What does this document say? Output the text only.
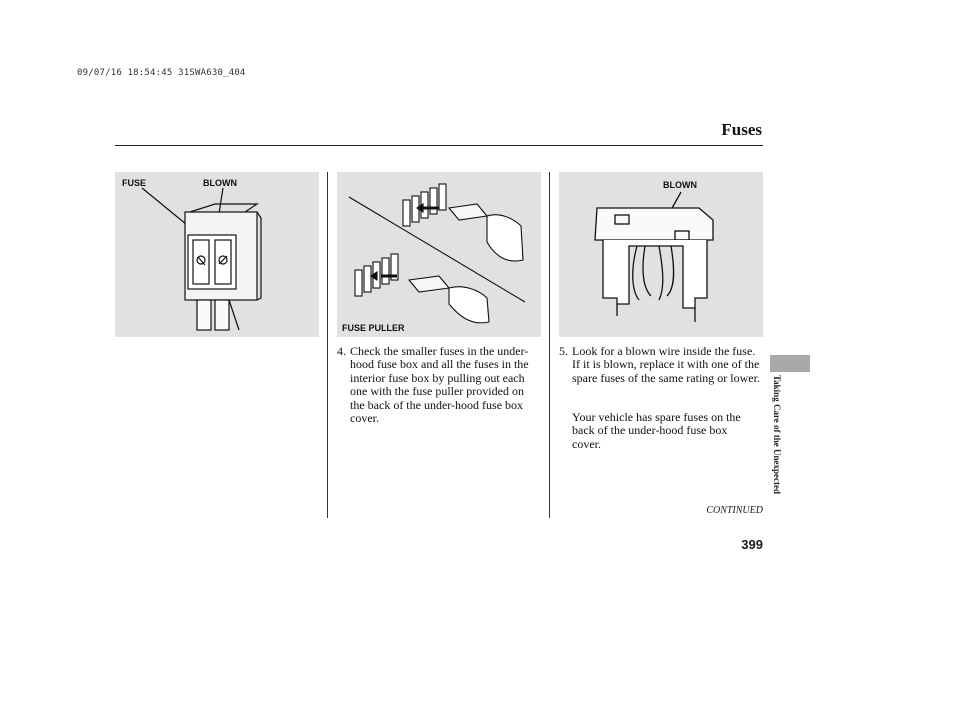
09/07/16 18:54:45 31SWA630_404
Fuses
FUSE	BLOWN
FUSE PULLER
BLOWN
4. Check the smaller fuses in the under-hood fuse box and all the fuses in the interior fuse box by pulling out each one with the fuse puller provided on the back of the under-hood fuse box cover.
5. Look for a blown wire inside the fuse. If it is blown, replace it with one of the spare fuses of the same rating or lower.
Your vehicle has spare fuses on the back of the under-hood fuse box cover.
CONTINUED
399
Taking Care of the Unexpected
